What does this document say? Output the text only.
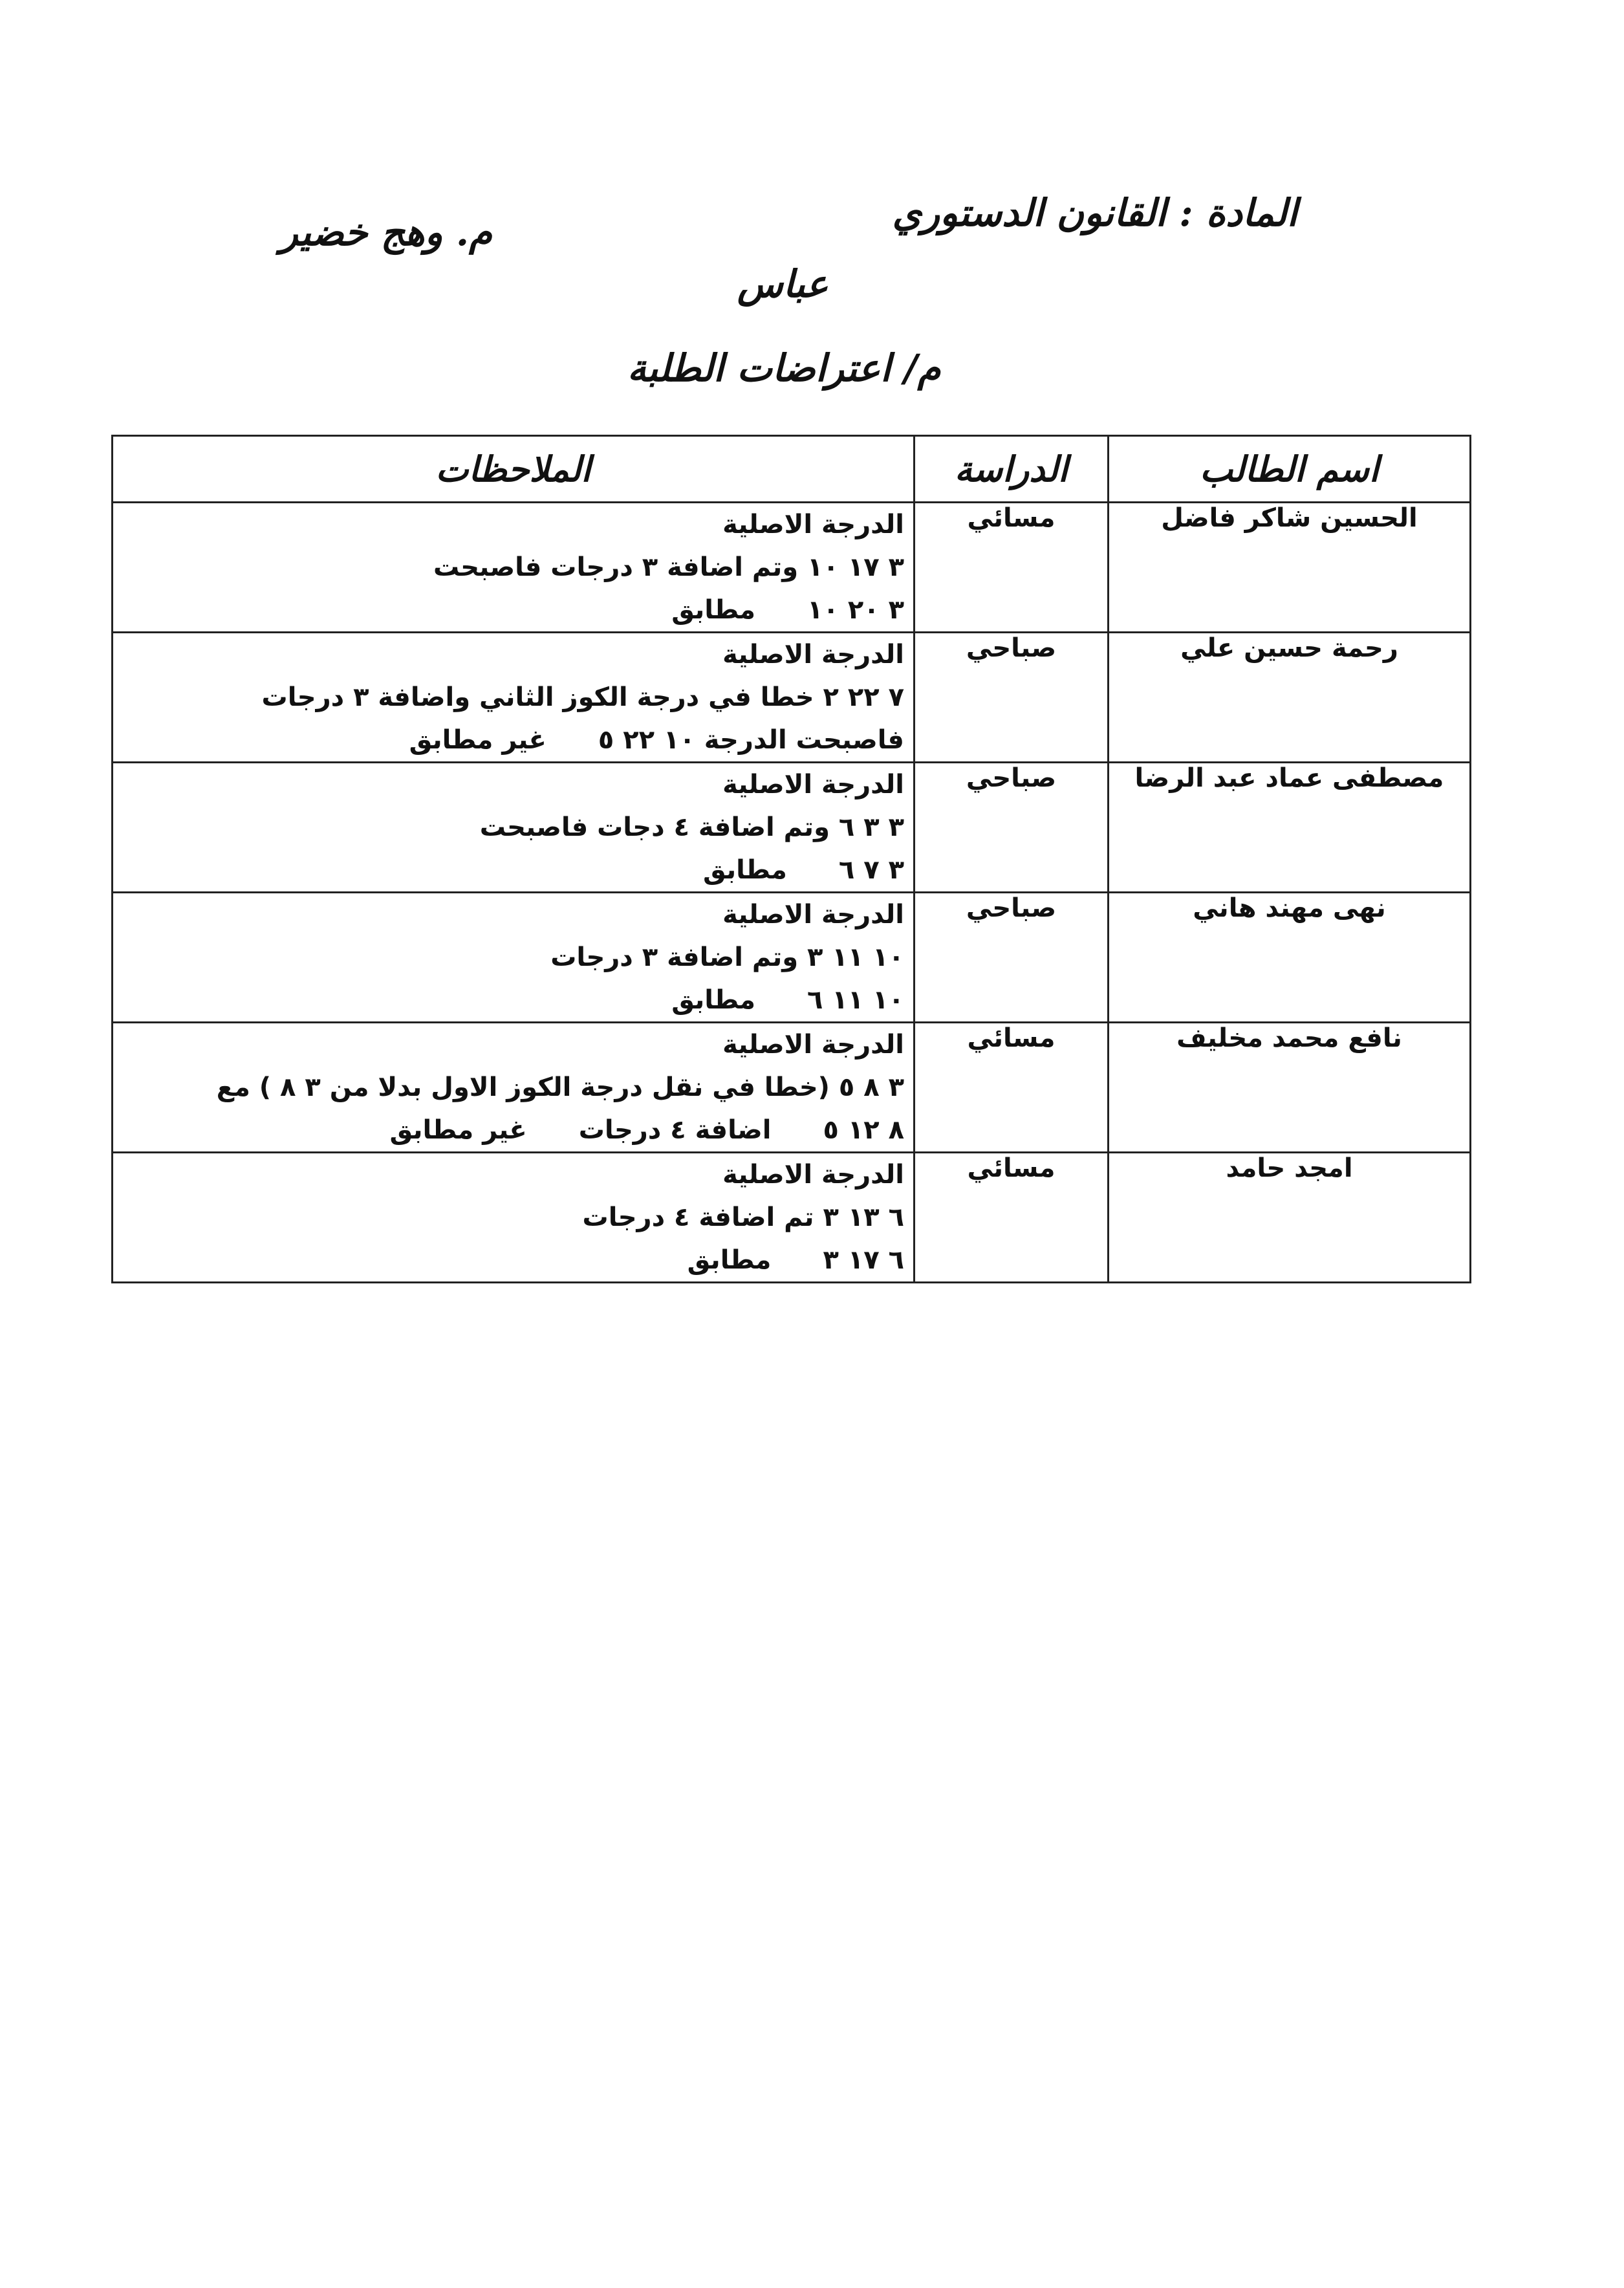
المادة : القانون الدستوري
م. وهج خضير
عباس
م/ اعتراضات الطلبة
اسم الطالب	الدراسة	الملاحظات
الحسين شاكر فاضل	مسائي	الدرجة الاصلية
٣ ١٧ ١٠ وتم اضافة ٣ درجات فاصبحت
٣ ٢٠ ١٠مطابق

رحمة حسين علي	صباحي	الدرجة الاصلية
٧ ٢٢ ٢ خطا في درجة الكوز الثاني واضافة ٣ درجات
فاصبحت الدرجة ١٠ ٢٢ ٥غير مطابق

مصطفى عماد عبد الرضا	صباحي	الدرجة الاصلية
٣ ٣ ٦ وتم اضافة ٤ دجات فاصبحت
٣ ٧ ٦مطابق

نهى مهند هاني	صباحي	الدرجة الاصلية
١٠ ١١ ٣ وتم اضافة ٣ درجات
١٠ ١١ ٦مطابق

نافع محمد مخليف	مسائي	الدرجة الاصلية
٣ ٨ ٥ (خطا في نقل درجة الكوز الاول بدلا من ٣ ٨ ) مع
٨ ١٢ ٥اضافة ٤ درجاتغير مطابق

امجد حامد	مسائي	الدرجة الاصلية
٦ ١٣ ٣ تم اضافة ٤ درجات
٦ ١٧ ٣مطابق
